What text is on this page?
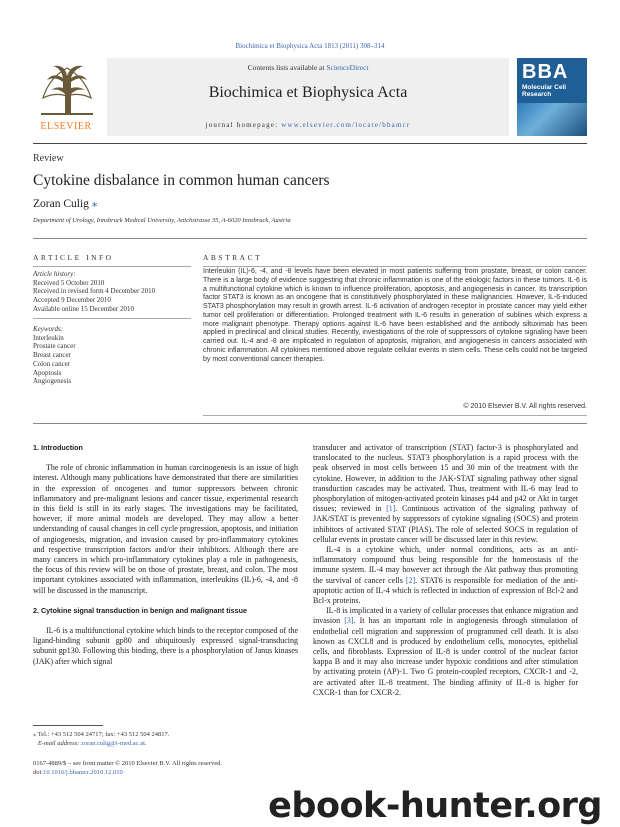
Biochimica et Biophysica Acta 1813 (2011) 308–314
ELSEVIER
Contents lists available at ScienceDirect
Biochimica et Biophysica Acta
journal homepage: www.elsevier.com/locate/bbamcr
BBA
Molecular Cell
Research
Review
Cytokine disbalance in common human cancers
Zoran Culig ⁎
Department of Urology, Innsbruck Medical University, Anichstrasse 35, A-6020 Innsbruck, Austria
ARTICLE INFO	ABSTRACT
Article history:
Received 5 October 2010
Received in revised form 4 December 2010
Accepted 9 December 2010
Available online 15 December 2010
Keywords:
Interleukin
Prostate cancer
Breast cancer
Colon cancer
Apoptosis
Angiogenesis
Interleukin (IL)-6, -4, and -8 levels have been elevated in most patients suffering from prostate, breast, or colon cancer. There is a large body of evidence suggesting that chronic inflammation is one of the etiologic factors in these tumors. IL-6 is a multifunctional cytokine which is known to influence proliferation, apoptosis, and angiogenesis in cancer. Its transcription factor STAT3 is known as an oncogene that is constitutively phosphorylated in these malignancies. However, IL-6-induced STAT3 phosphorylation may result in growth arrest. IL-6 activation of androgen receptor in prostate cancer may yield either tumor cell proliferation or differentiation. Prolonged treatment with IL-6 results in generation of sublines which express a more malignant phenotype. Therapy options against IL-6 have been established and the antibody siltuximab has been applied in preclinical and clinical studies. Recently, investigations of the role of suppressors of cytokine signaling have been carried out. IL-4 and -8 are implicated in regulation of apoptosis, migration, and angiogenesis in cancers associated with chronic inflammation. All cytokines mentioned above regulate cellular events in stem cells. These cells could not be targeted by most conventional cancer therapies.
© 2010 Elsevier B.V. All rights reserved.
1. Introduction

The role of chronic inflammation in human carcinogenesis is an issue of high interest. Although many publications have demonstrated that there are similarities in the expression of oncogenes and tumor suppressors between chronic inflammatory and pre-malignant lesions and cancer tissue, experimental research in this field is still in its early stages. The investigations may be facilitated, however, if more animal models are developed. They may allow a better understanding of causal changes in cell cycle progression, apoptosis, and initiation of angiogenesis, migration, and invasion caused by pro-inflammatory cytokines and respective transcription factors and/or their inhibitors. Although there are many cancers in which pro-inflammatory cytokines play a role in pathogenesis, the focus of this review will be on those of prostate, breast, and colon. The most important cytokines associated with inflammation, interleukins (IL)-6, -4, and -8 will be discussed in the manuscript.

2. Cytokine signal transduction in benign and malignant tissue

IL-6 is a multifunctional cytokine which binds to the receptor composed of the ligand-binding subunit gp80 and ubiquitously expressed signal-transducing subunit gp130. Following this binding, there is a phosphorylation of Janus kinases (JAK) after which signal

transducer and activator of transcription (STAT) factor-3 is phosphorylated and translocated to the nucleus. STAT3 phosphorylation is a rapid process with the peak observed in most cells between 15 and 30 min of the treatment with the cytokine. However, in addition to the JAK-STAT signaling pathway other signal transduction cascades may be activated. Thus, treatment with IL-6 may lead to phosphorylation of mitogen-activated protein kinases p44 and p42 or Akt in target tissues; reviewed in [1]. Continuous activation of the signaling pathway of JAK/STAT is prevented by suppressors of cytokine signaling (SOCS) and protein inhibitors of activated STAT (PIAS). The role of selected SOCS in regulation of cellular events in prostate cancer will be discussed later in this review.

IL-4 is a cytokine which, under normal conditions, acts as an anti-inflammatory compound thus being responsible for the homeostasis of the immune system. IL-4 may however act through the Akt pathway thus promoting the survival of cancer cells [2]. STAT6 is responsible for mediation of the anti-apoptotic action of IL-4 which is reflected in induction of expression of Bcl-2 and Bcl-x proteins.

IL-8 is implicated in a variety of cellular processes that enhance migration and invasion [3]. It has an important role in angiogenesis through stimulation of endothelial cell migration and suppression of programmed cell death. It is also known as CXCL8 and is produced by endothelium cells, monocytes, epithelial cells, and fibroblasts. Expression of IL-8 is under control of the nuclear factor kappa B and it may also increase under hypoxic conditions and after stimulation by activating protein (AP)-1. Two G protein-coupled receptors, CXCR-1 and -2, are activated after IL-8 treatment. The binding affinity of IL-8 is higher for CXCR-1 than for CXCR-2.

⁎ Tel.: +43 512 504 24717; fax: +43 512 504 24817.
E-mail address: zoran.culig@i-med.ac.at.
0167-4889/$ – see front matter © 2010 Elsevier B.V. All rights reserved.
doi:10.1016/j.bbamcr.2010.12.010
ebook-hunter.org
